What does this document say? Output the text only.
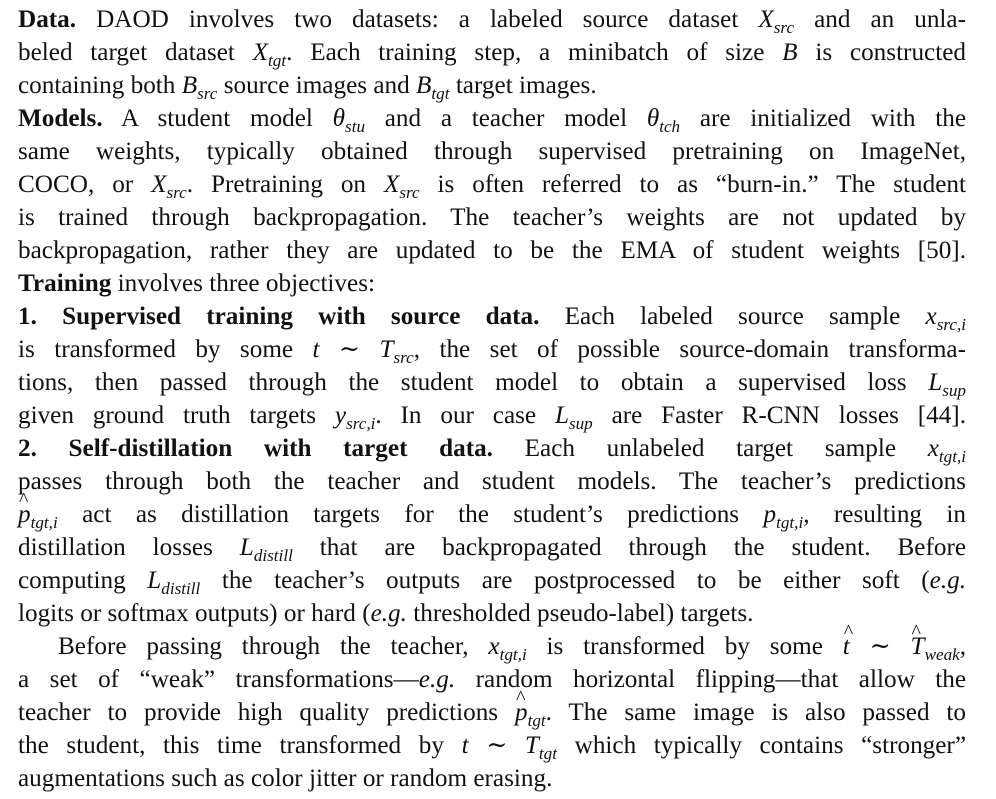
Data. DAOD involves two datasets: a labeled source dataset $X_{src}$ and an unla-
beled target dataset $X_{tgt}$. Each training step, a minibatch of size B is constructed
containing both $B_{src}$ source images and $B_{tgt}$ target images.
Models. A student model $\theta_{stu}$ and a teacher model $\theta_{tch}$ are initialized with the
same weights, typically obtained through supervised pretraining on ImageNet,
COCO, or $X_{src}$. Pretraining on $X_{src}$ is often referred to as “burn-in.” The student
is trained through backpropagation. The teacher’s weights are not updated by
backpropagation, rather they are updated to be the EMA of student weights [50].
Training involves three objectives:
1. Supervised training with source data. Each labeled source sample $x_{src,i}$
is transformed by some t ∼ $T_{src}$, the set of possible source-domain transforma-
tions, then passed through the student model to obtain a supervised loss $L_{sup}$
given ground truth targets $y_{src,i}$. In our case $L_{sup}$ are Faster R-CNN losses [44].
2. Self-distillation with target data. Each unlabeled target sample $x_{tgt,i}$
passes through both the teacher and student models. The teacher’s predictions
^ $p_{tgt,i}$ act as distillation targets for the student’s predictions $p_{tgt,i}$, resulting in
distillation losses $L_{distill}$ that are backpropagated through the student. Before
computing $L_{distill}$ the teacher’s outputs are postprocessed to be either soft (e.g.
logits or softmax outputs) or hard (e.g. thresholded pseudo-label) targets.
Before passing through the teacher, $x_{tgt,i}$ is transformed by some ^ t ∼ ^ $T_{weak}$,
a set of “weak” transformations—e.g. random horizontal flipping—that allow the
teacher to provide high quality predictions ^ $p_{tgt}$. The same image is also passed to
the student, this time transformed by t ∼ $T_{tgt}$ which typically contains “stronger”
augmentations such as color jitter or random erasing.
